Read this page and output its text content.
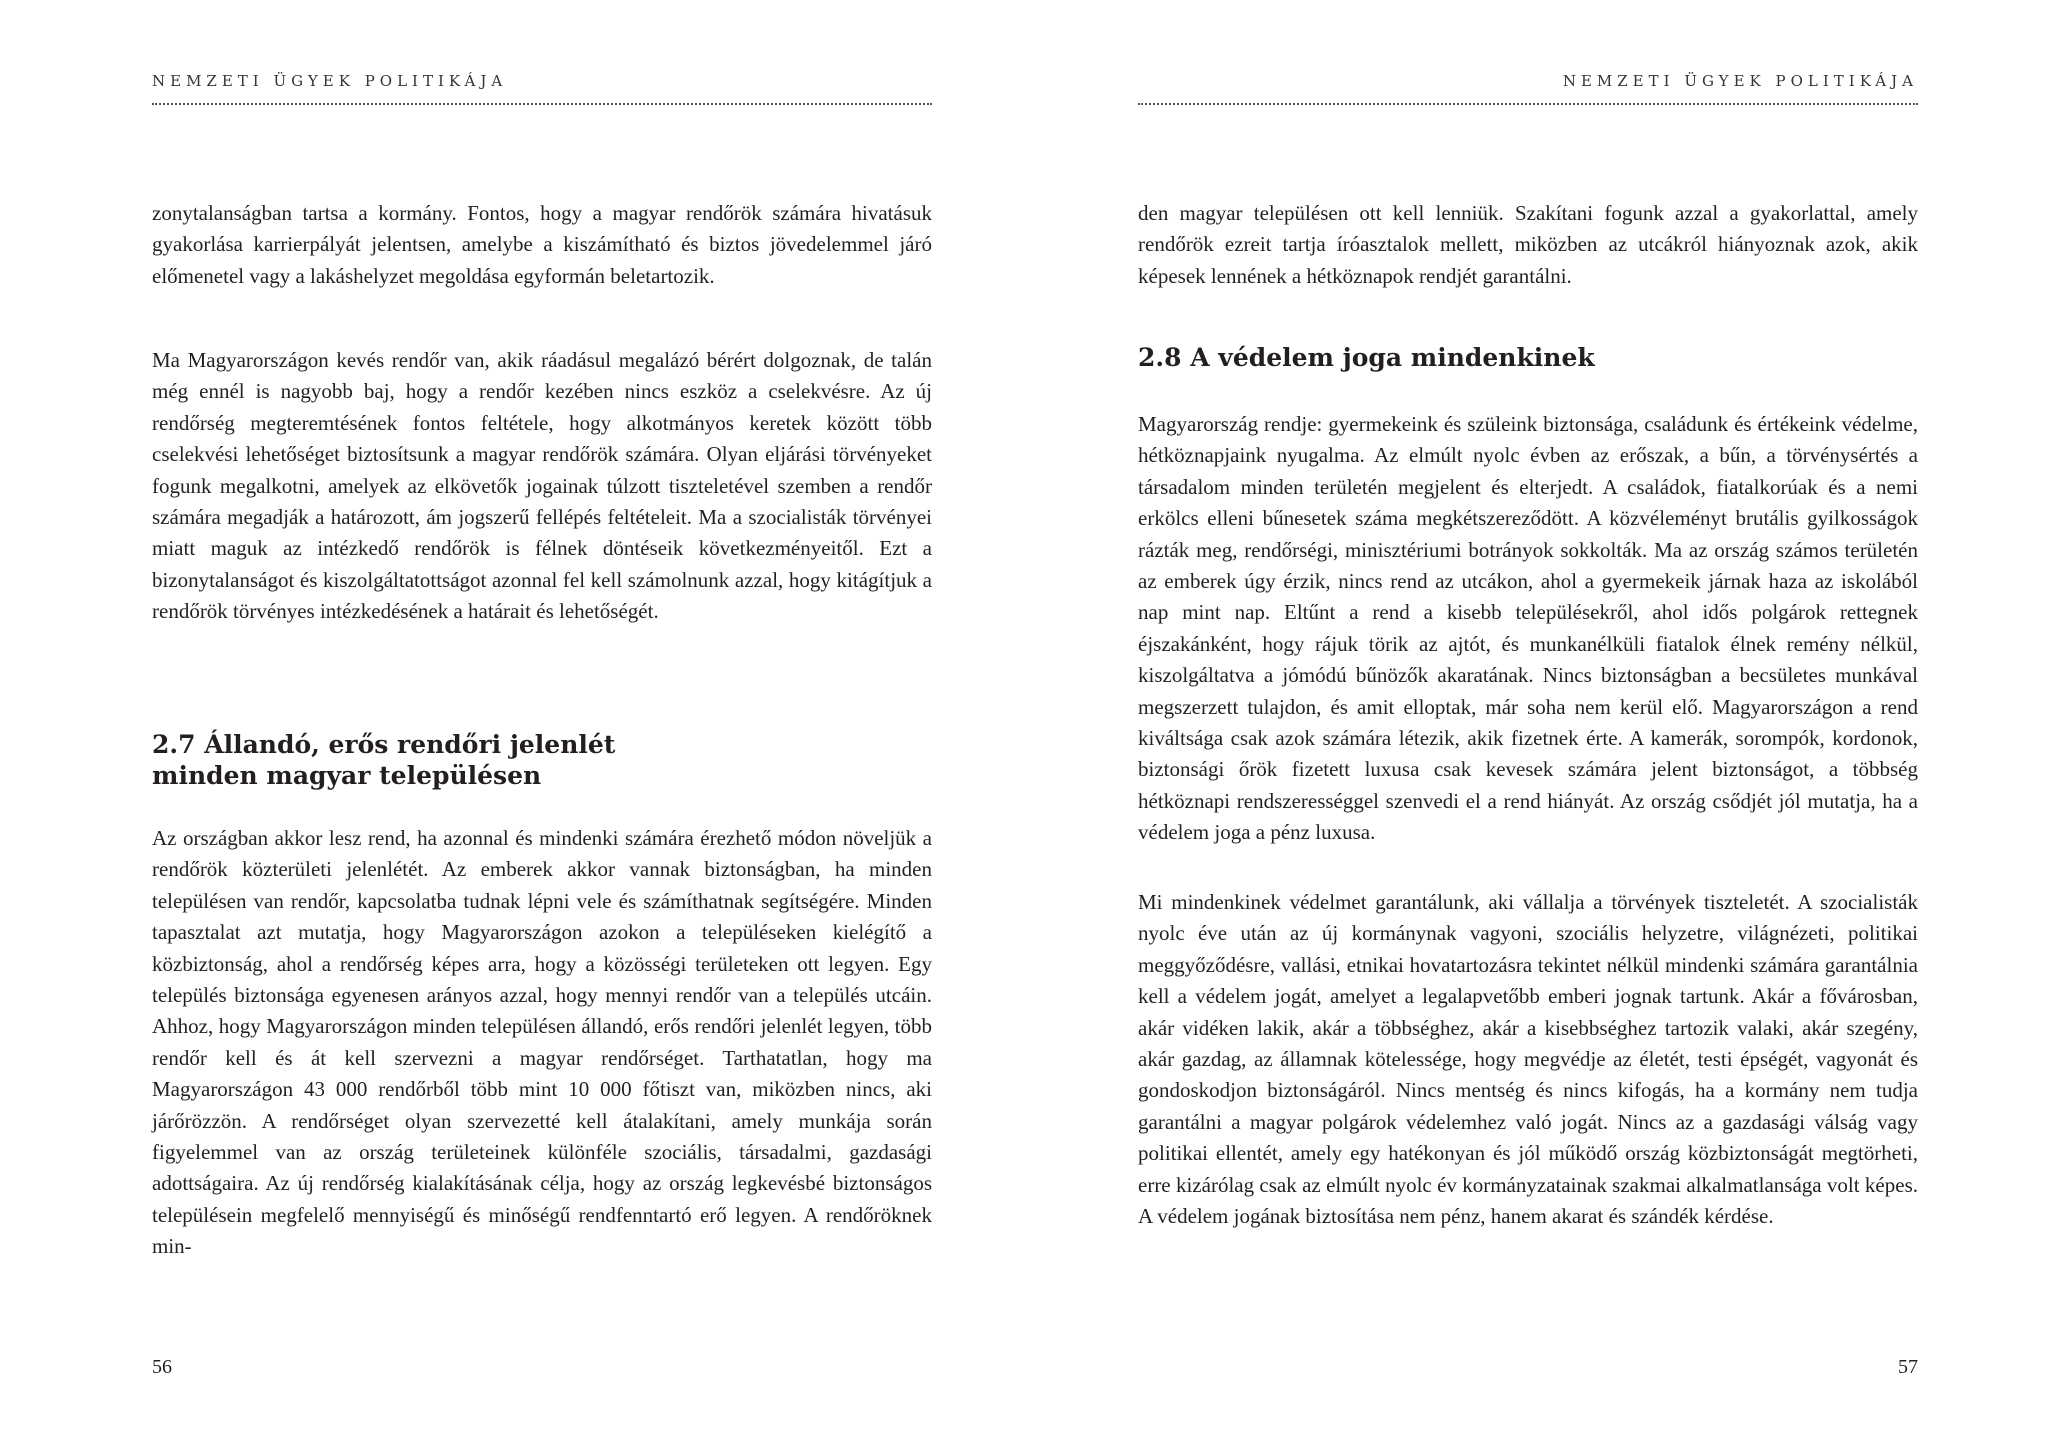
NEMZETI ÜGYEK POLITIKÁJA

zonytalanságban tartsa a kormány. Fontos, hogy a magyar rendőrök számára hivatásuk gyakorlása karrierpályát jelentsen, amelybe a kiszámítható és biztos jövedelemmel járó előmenetel vagy a lakáshelyzet megoldása egyformán beletartozik.

Ma Magyarországon kevés rendőr van, akik ráadásul megalázó bérért dolgoznak, de talán még ennél is nagyobb baj, hogy a rendőr kezében nincs eszköz a cselekvésre. Az új rendőrség megteremtésének fontos feltétele, hogy alkotmányos keretek között több cselekvési lehetőséget biztosítsunk a magyar rendőrök számára. Olyan eljárási törvényeket fogunk megalkotni, amelyek az elkövetők jogainak túlzott tiszteletével szemben a rendőr számára megadják a határozott, ám jogszerű fellépés feltételeit. Ma a szocialisták törvényei miatt maguk az intézkedő rendőrök is félnek döntéseik következményeitől. Ezt a bizonytalanságot és kiszolgáltatottságot azonnal fel kell számolnunk azzal, hogy kitágítjuk a rendőrök törvényes intézkedésének a határait és lehetőségét.

2.7 Állandó, erős rendőri jelenlét
minden magyar településen

Az országban akkor lesz rend, ha azonnal és mindenki számára érezhető módon növeljük a rendőrök közterületi jelenlétét. Az emberek akkor vannak biztonságban, ha minden településen van rendőr, kapcsolatba tudnak lépni vele és számíthatnak segítségére. Minden tapasztalat azt mutatja, hogy Magyarországon azokon a településeken kielégítő a közbiztonság, ahol a rendőrség képes arra, hogy a közösségi területeken ott legyen. Egy település biztonsága egyenesen arányos azzal, hogy mennyi rendőr van a település utcáin. Ahhoz, hogy Magyarországon minden településen állandó, erős rendőri jelenlét legyen, több rendőr kell és át kell szervezni a magyar rendőrséget. Tarthatatlan, hogy ma Magyarországon 43 000 rendőrből több mint 10 000 főtiszt van, miközben nincs, aki járőrözzön. A rendőrséget olyan szervezetté kell átalakítani, amely munkája során figyelemmel van az ország területeinek különféle szociális, társadalmi, gazdasági adottságaira. Az új rendőrség kialakításának célja, hogy az ország legkevésbé biztonságos településein megfelelő mennyiségű és minőségű rendfenntartó erő legyen. A rendőröknek min-

56
NEMZETI ÜGYEK POLITIKÁJA

den magyar településen ott kell lenniük. Szakítani fogunk azzal a gyakorlattal, amely rendőrök ezreit tartja íróasztalok mellett, miközben az utcákról hiányoznak azok, akik képesek lennének a hétköznapok rendjét garantálni.

2.8 A védelem joga mindenkinek

Magyarország rendje: gyermekeink és szüleink biztonsága, családunk és értékeink védelme, hétköznapjaink nyugalma. Az elmúlt nyolc évben az erőszak, a bűn, a törvénysértés a társadalom minden területén megjelent és elterjedt. A családok, fiatalkorúak és a nemi erkölcs elleni bűnesetek száma megkétszereződött. A közvéleményt brutális gyilkosságok rázták meg, rendőrségi, minisztériumi botrányok sokkolták. Ma az ország számos területén az emberek úgy érzik, nincs rend az utcákon, ahol a gyermekeik járnak haza az iskolából nap mint nap. Eltűnt a rend a kisebb településekről, ahol idős polgárok rettegnek éjszakánként, hogy rájuk törik az ajtót, és munkanélküli fiatalok élnek remény nélkül, kiszolgáltatva a jómódú bűnözők akaratának. Nincs biztonságban a becsületes munkával megszerzett tulajdon, és amit elloptak, már soha nem kerül elő. Magyarországon a rend kiváltsága csak azok számára létezik, akik fizetnek érte. A kamerák, sorompók, kordonok, biztonsági őrök fizetett luxusa csak kevesek számára jelent biztonságot, a többség hétköznapi rendszerességgel szenvedi el a rend hiányát. Az ország csődjét jól mutatja, ha a védelem joga a pénz luxusa.

Mi mindenkinek védelmet garantálunk, aki vállalja a törvények tiszteletét. A szocialisták nyolc éve után az új kormánynak vagyoni, szociális helyzetre, világnézeti, politikai meggyőződésre, vallási, etnikai hovatartozásra tekintet nélkül mindenki számára garantálnia kell a védelem jogát, amelyet a legalapvetőbb emberi jognak tartunk. Akár a fővárosban, akár vidéken lakik, akár a többséghez, akár a kisebbséghez tartozik valaki, akár szegény, akár gazdag, az államnak kötelessége, hogy megvédje az életét, testi épségét, vagyonát és gondoskodjon biztonságáról. Nincs mentség és nincs kifogás, ha a kormány nem tudja garantálni a magyar polgárok védelemhez való jogát. Nincs az a gazdasági válság vagy politikai ellentét, amely egy hatékonyan és jól működő ország közbiztonságát megtörheti, erre kizárólag csak az elmúlt nyolc év kormányzatainak szakmai alkalmatlansága volt képes. A védelem jogának biztosítása nem pénz, hanem akarat és szándék kérdése.

57
